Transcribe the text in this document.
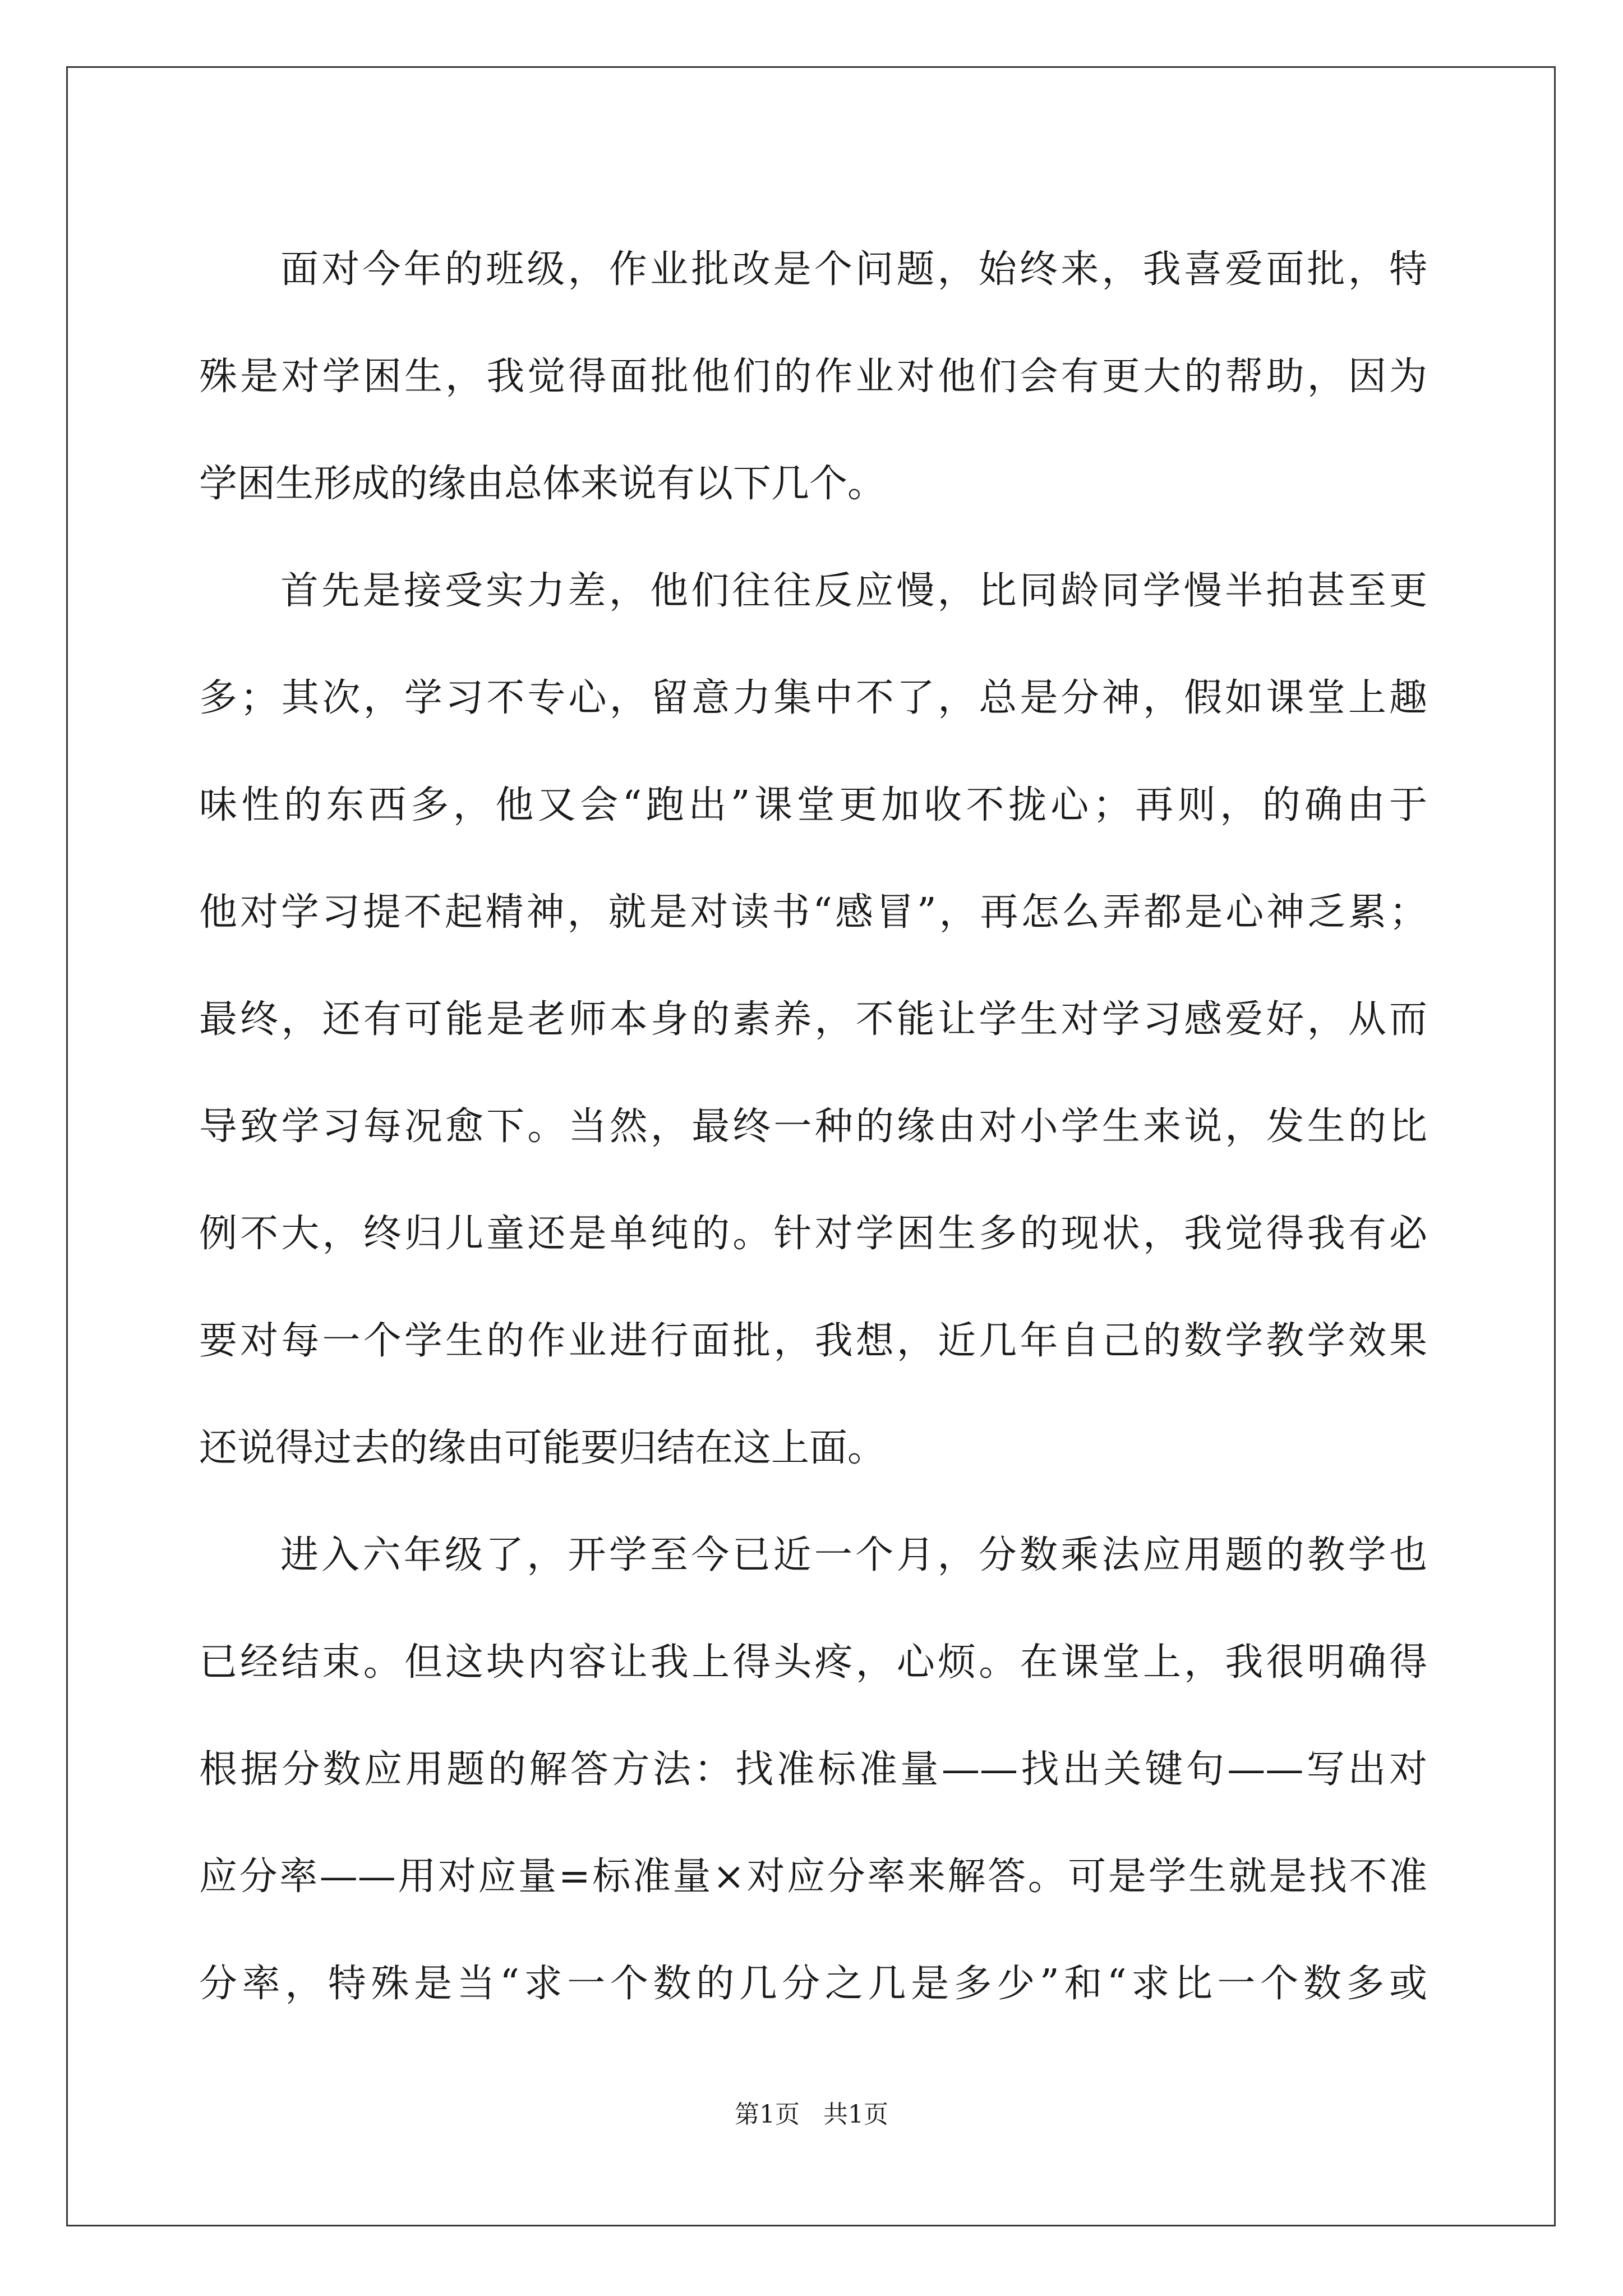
面对今年的班级，作业批改是个问题，始终来，我喜爱面批，特
殊是对学困生，我觉得面批他们的作业对他们会有更大的帮助，因为
学困生形成的缘由总体来说有以下几个。
首先是接受实力差，他们往往反应慢，比同龄同学慢半拍甚至更
多；其次，学习不专心，留意力集中不了，总是分神，假如课堂上趣
味性的东西多，他又会“跑出”课堂更加收不拢心；再则，的确由于
他对学习提不起精神，就是对读书“感冒”，再怎么弄都是心神乏累；
最终，还有可能是老师本身的素养，不能让学生对学习感爱好，从而
导致学习每况愈下。当然，最终一种的缘由对小学生来说，发生的比
例不大，终归儿童还是单纯的。针对学困生多的现状，我觉得我有必
要对每一个学生的作业进行面批，我想，近几年自己的数学教学效果
还说得过去的缘由可能要归结在这上面。
进入六年级了，开学至今已近一个月，分数乘法应用题的教学也
已经结束。但这块内容让我上得头疼，心烦。在课堂上，我很明确得
根据分数应用题的解答方法：找准标准量——找出关键句——写出对
应分率——用对应量=标准量×对应分率来解答。可是学生就是找不准
分率，特殊是当“求一个数的几分之几是多少”和“求比一个数多或
第1页   共1页
